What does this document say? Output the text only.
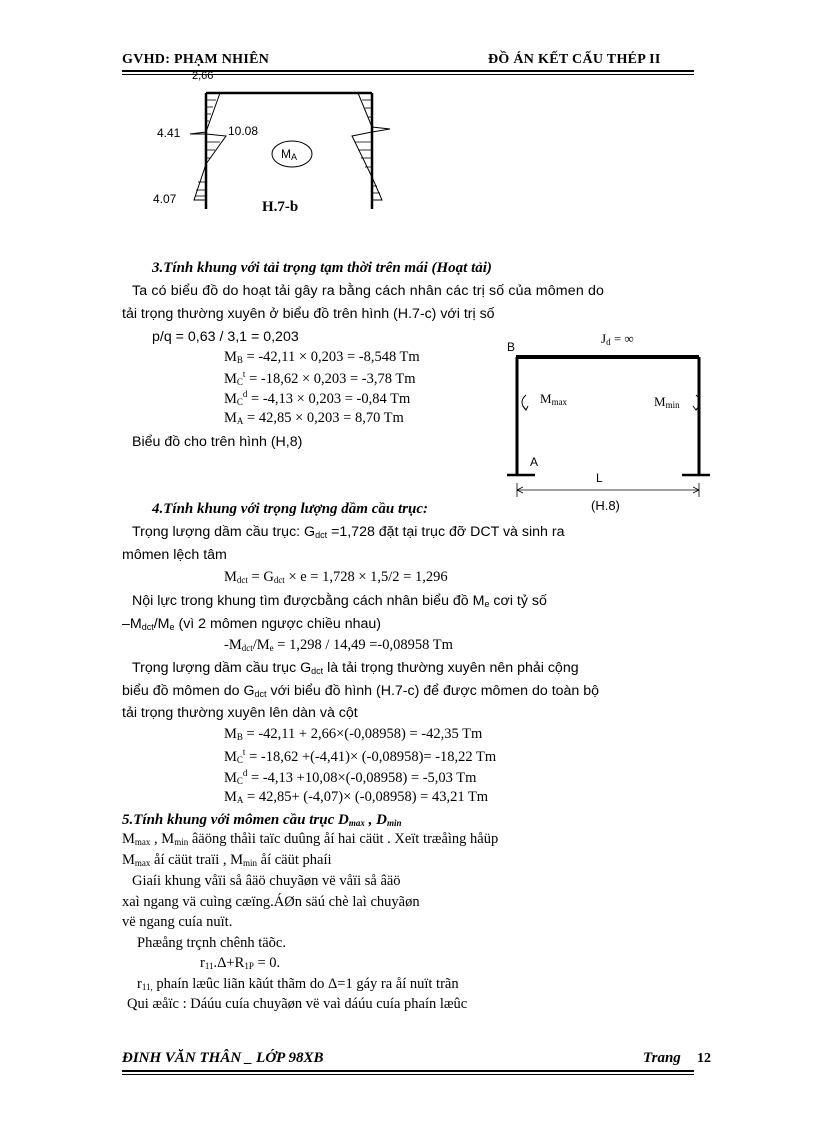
GVHD: PHẠM NHIÊN	ĐỒ ÁN KẾT CẤU THÉP II
2,66
4.41	10.08
4.07
$M_A$
H.7-b
3.Tính khung với tải trọng tạm thời trên mái (Hoạt tải)
Ta có biểu đồ do hoạt tải gây ra bằng cách nhân các trị số của mômen do
tải trọng thường xuyên ở biểu đồ trên hình (H.7-c) với trị số
p/q = 0,63 / 3,1 = 0,203
$M_B = -42,11 \times 0,203 = -8,548$ Tm
$M_C^t = -18,62 \times 0,203 = -3,78$ Tm
$M_C^d = -4,13 \times 0,203 = -0,84$ Tm
$M_A = 42,85 \times 0,203 = 8,70$ Tm
Biểu đồ cho trên hình (H,8)
B
$J_d$ = ∞
$M_{max}$	$M_{min}$
A
L
(H.8)
4.Tính khung với trọng lượng dầm cầu trục:
Trọng lượng dầm cầu trục: $G_{dct} =1,728$ đặt tại trục đỡ DCT và sinh ra
mômen lệch tâm
$M_{dct} = G_{dct} \times e = 1,728 \times 1,5/2 = 1,296$
Nội lực trong khung tìm đượcbằng cách nhân biểu đồ $M_e$ cơi tỷ số
$-M_{dct}/M_e$ (vì 2 mômen ngược chiều nhau)
$-M_{dct}/M_e = 1,298 / 14,49 =-0,08958$ Tm
Trọng lượng dầm cầu trục $G_{dct}$ là tải trọng thường xuyên nên phải cộng
biểu đồ mômen do $G_{dct}$ với biểu đồ hình (H.7-c) để được mômen do toàn bộ
tải trọng thường xuyên lên dàn và cột
$M_B = -42,11 + 2,66\times(-0,08958) = -42,35$ Tm
$M_C^t = -18,62 +(-4,41)\times (-0,08958)= -18,22$ Tm
$M_C^d = -4,13 +10,08\times(-0,08958) = -5,03$ Tm
$M_A = 42,85+ (-4,07)\times (-0,08958) = 43,21$ Tm
5.Tính khung với mômen cầu trục $D_{max}$ , $D_{min}$
$M_{max}$ , $M_{min}$ âäöng thåìi taïc duûng åí hai cäüt . Xeït træåìng håüp
$M_{max}$ åí cäüt traïi , $M_{min}$ åí cäüt phaíi
Giaíi khung våïi så âäö chuyãøn vë våïi så âäö
xaì ngang vä cuìng cæïng.ÁØn säú chè laì chuyãøn
vë ngang cuía nuït.
Phæång trçnh chênh täõc.
$r_{11}.\Delta+R_{1P} = 0$.
$r_{11,}$ phaín læûc liãn kãút thãm do Δ=1 gáy ra åí nuït trãn
Qui æåïc : Dáúu cuía chuyãøn vë vaì dáúu cuía phaín læûc
ĐINH VĂN THÂN _ LỚP 98XB	Trang 12
